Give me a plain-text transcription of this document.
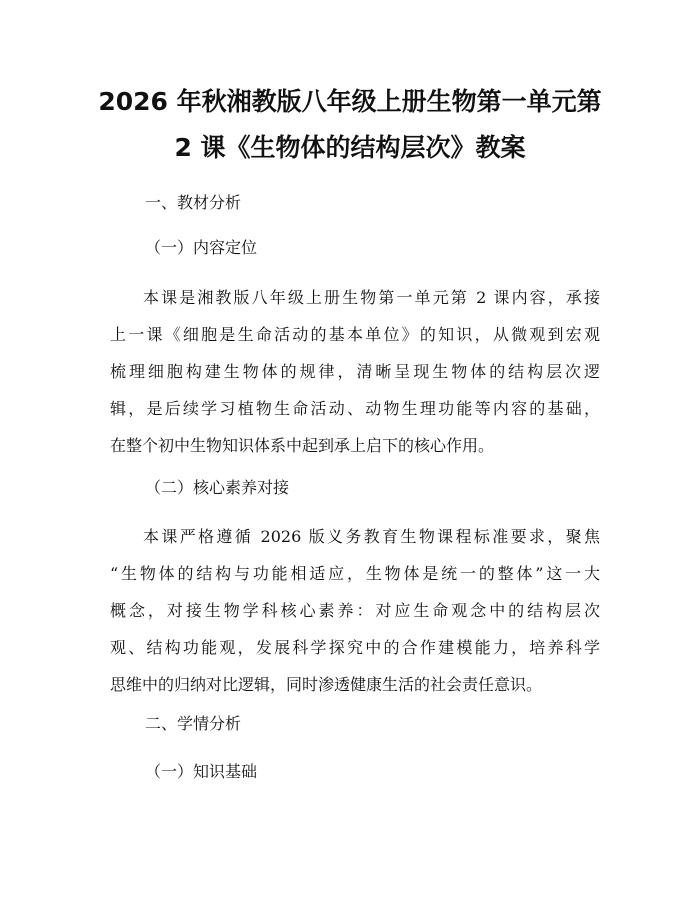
2026 年秋湘教版八年级上册生物第一单元第
2 课《生物体的结构层次》教案

一、教材分析

（一）内容定位

本课是湘教版八年级上册生物第一单元第 2 课内容，承接
上一课《细胞是生命活动的基本单位》的知识，从微观到宏观
梳理细胞构建生物体的规律，清晰呈现生物体的结构层次逻
辑，是后续学习植物生命活动、动物生理功能等内容的基础，
在整个初中生物知识体系中起到承上启下的核心作用。

（二）核心素养对接

本课严格遵循 2026 版义务教育生物课程标准要求，聚焦
“生物体的结构与功能相适应，生物体是统一的整体”这一大
概念，对接生物学科核心素养：对应生命观念中的结构层次
观、结构功能观，发展科学探究中的合作建模能力，培养科学
思维中的归纳对比逻辑，同时渗透健康生活的社会责任意识。

二、学情分析

（一）知识基础
